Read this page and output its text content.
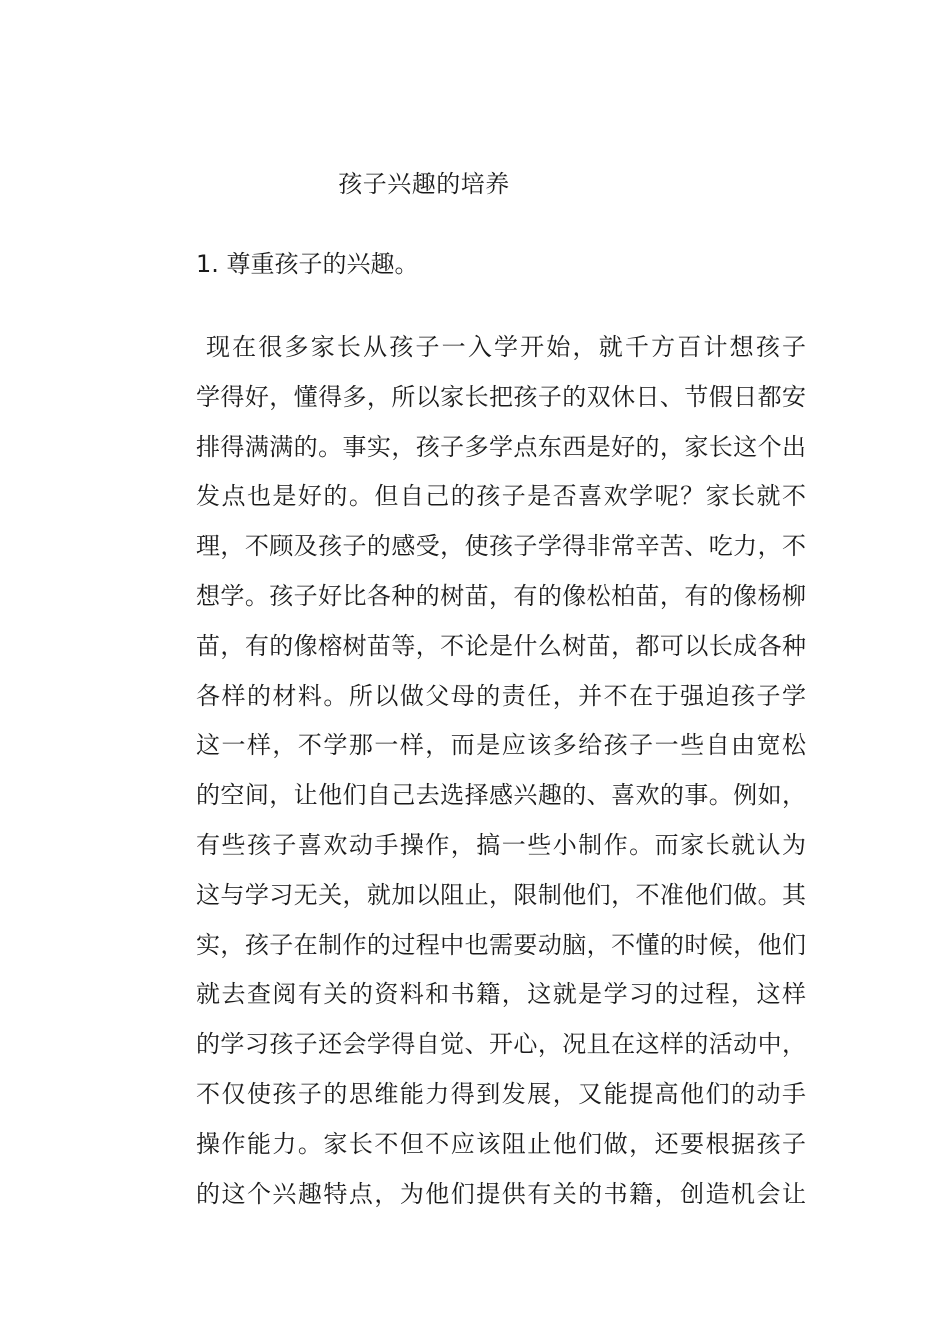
孩子兴趣的培养
1. 尊重孩子的兴趣。
现在很多家长从孩子一入学开始，就千方百计想孩子
学得好，懂得多，所以家长把孩子的双休日、节假日都安
排得满满的。事实，孩子多学点东西是好的，家长这个出
发点也是好的。但自己的孩子是否喜欢学呢？家长就不
理，不顾及孩子的感受，使孩子学得非常辛苦、吃力，不
想学。孩子好比各种的树苗，有的像松柏苗，有的像杨柳
苗，有的像榕树苗等，不论是什么树苗，都可以长成各种
各样的材料。所以做父母的责任，并不在于强迫孩子学
这一样，不学那一样，而是应该多给孩子一些自由宽松
的空间，让他们自己去选择感兴趣的、喜欢的事。例如，
有些孩子喜欢动手操作，搞一些小制作。而家长就认为
这与学习无关，就加以阻止，限制他们，不准他们做。其
实，孩子在制作的过程中也需要动脑，不懂的时候，他们
就去查阅有关的资料和书籍，这就是学习的过程，这样
的学习孩子还会学得自觉、开心，况且在这样的活动中，
不仅使孩子的思维能力得到发展，又能提高他们的动手
操作能力。家长不但不应该阻止他们做，还要根据孩子
的这个兴趣特点，为他们提供有关的书籍，创造机会让
